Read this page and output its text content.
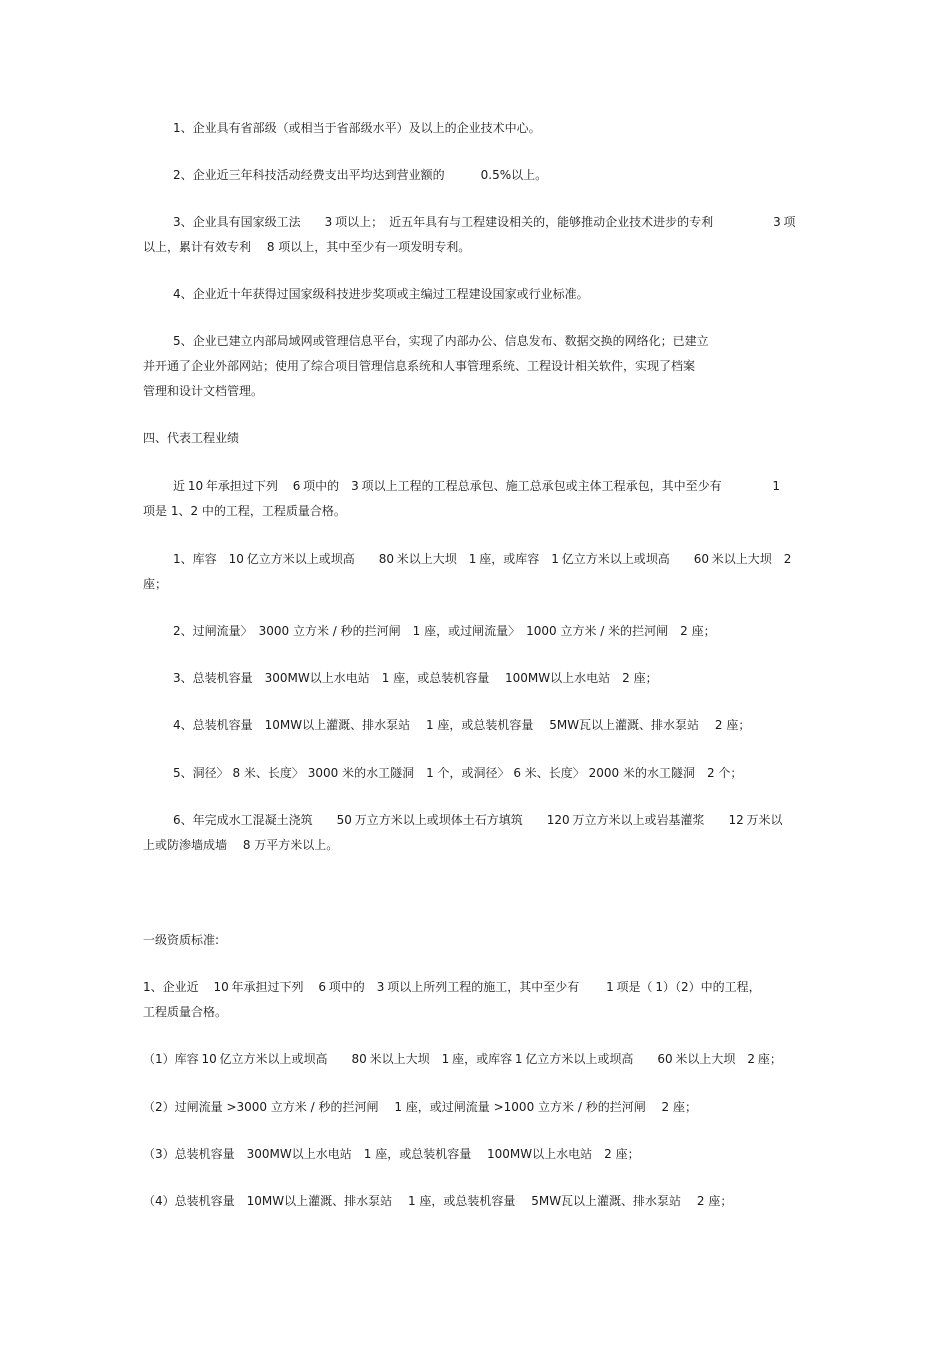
1、企业具有省部级（或相当于省部级水平）及以上的企业技术中心。
2、企业近三年科技活动经费支出平均达到营业额的　　　0.5%以上。
3、企业具有国家级工法　　3 项以上；　近五年具有与工程建设相关的，能够推动企业技术进步的专利　　　　　3 项
以上，累计有效专利　 8 项以上，其中至少有一项发明专利。
4、企业近十年获得过国家级科技进步奖项或主编过工程建设国家或行业标准。
5、企业已建立内部局域网或管理信息平台，实现了内部办公、信息发布、数据交换的网络化；已建立
并开通了企业外部网站；使用了综合项目管理信息系统和人事管理系统、工程设计相关软件，实现了档案
管理和设计文档管理。
四、代表工程业绩
近 10 年承担过下列　 6 项中的　3 项以上工程的工程总承包、施工总承包或主体工程承包，其中至少有　　　　 1
项是 1、2 中的工程，工程质量合格。
1、库容　10 亿立方米以上或坝高　　80 米以上大坝　1 座，或库容　1 亿立方米以上或坝高　　60 米以上大坝　2
座；
2、过闸流量〉　3000 立方米 / 秒的拦河闸　1 座，或过闸流量〉　1000 立方米 / 米的拦河闸　2 座；
3、总装机容量　300MW以上水电站　1 座，或总装机容量　 100MW以上水电站　2 座；
4、总装机容量　10MW以上灌溉、排水泵站　 1 座，或总装机容量　 5MW瓦以上灌溉、排水泵站　 2 座；
5、洞径〉 8 米、长度〉 3000 米的水工隧洞　1 个，或洞径〉 6 米、长度〉 2000 米的水工隧洞　2 个；
6、年完成水工混凝土浇筑　　50 万立方米以上或坝体土石方填筑　　120 万立方米以上或岩基灌浆　　12 万米以
上或防渗墙成墙　 8 万平方米以上。
一级资质标准:
1、企业近　 10 年承担过下列　 6 项中的　3 项以上所列工程的施工，其中至少有　　 1 项是（ 1）（2）中的工程，
工程质量合格。
（1）库容 10 亿立方米以上或坝高　　80 米以上大坝　1 座，或库容 1 亿立方米以上或坝高　　60 米以上大坝　2 座；
（2）过闸流量 >3000 立方米 / 秒的拦河闸　 1 座，或过闸流量 >1000 立方米 / 秒的拦河闸　 2 座；
（3）总装机容量　300MW以上水电站　1 座，或总装机容量　 100MW以上水电站　2 座；
（4）总装机容量　10MW以上灌溉、排水泵站　 1 座，或总装机容量　 5MW瓦以上灌溉、排水泵站　 2 座；
